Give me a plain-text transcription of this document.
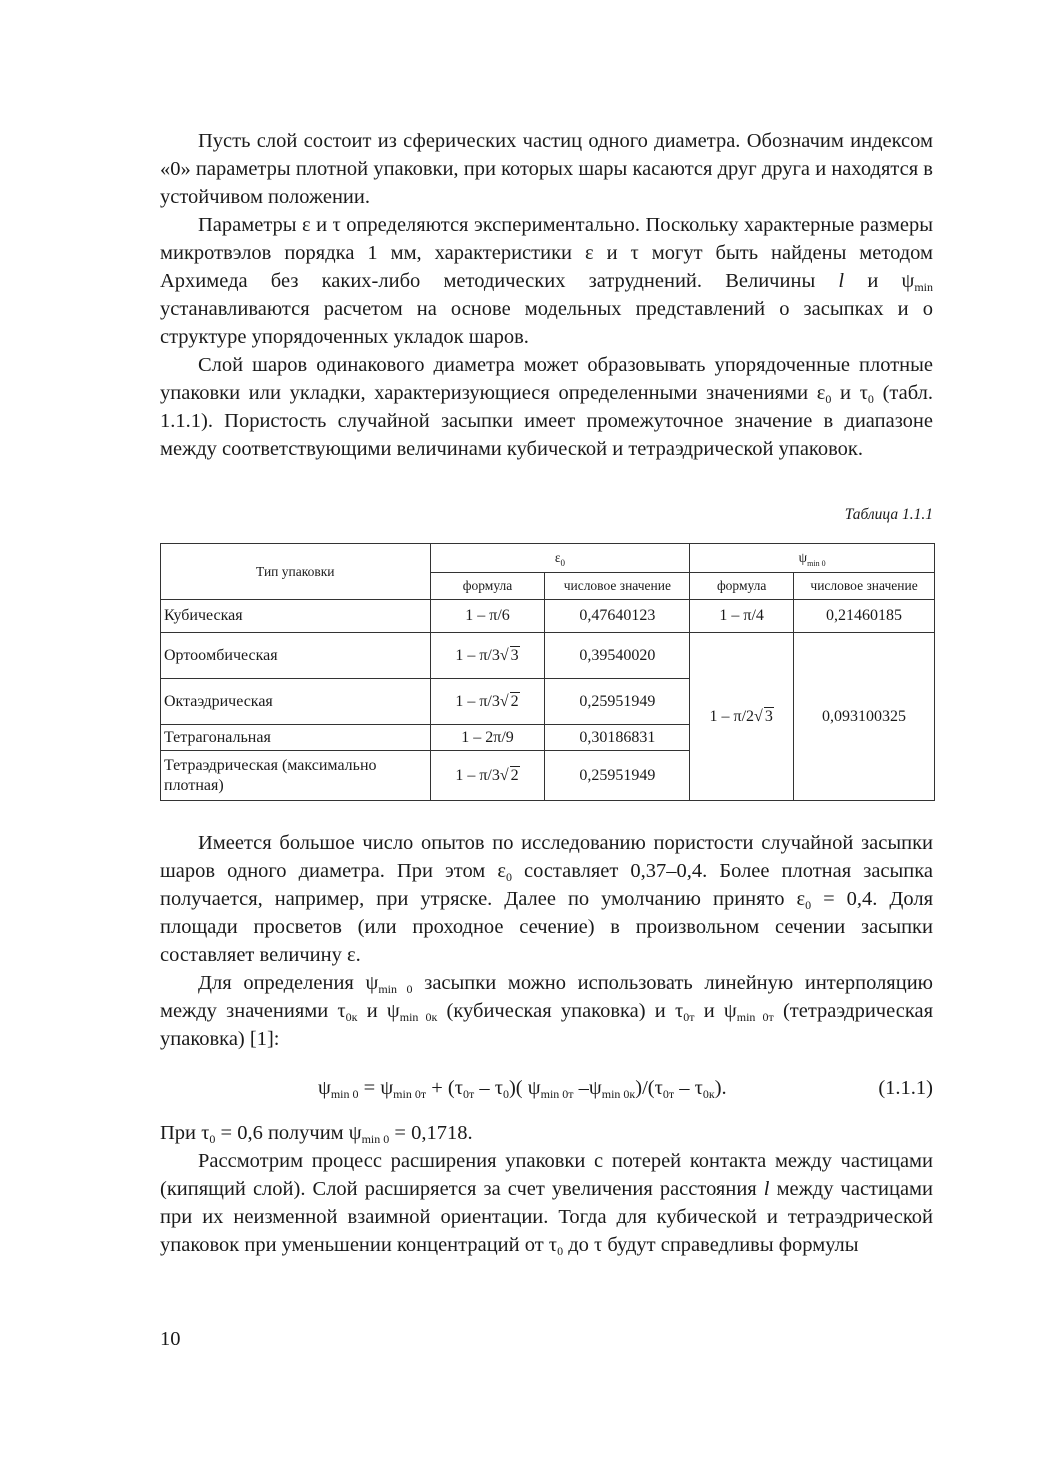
Пусть слой состоит из сферических частиц одного диаметра. Обозначим индексом «0» параметры плотной упаковки, при которых шары касаются друг друга и находятся в устойчивом положении.

Параметры ε и τ определяются экспериментально. Поскольку характерные размеры микротвэлов порядка 1 мм, характеристики ε и τ могут быть найдены методом Архимеда без каких-либо методических затруднений. Величины l и $\psi_{min}$ устанавливаются расчетом на основе модельных представлений о засыпках и о структуре упорядоченных укладок шаров.

Слой шаров одинакового диаметра может образовывать упорядоченные плотные упаковки или укладки, характеризующиеся определенными значениями $\varepsilon_0$ и $\tau_0$ (табл. 1.1.1). Пористость случайной засыпки имеет промежуточное значение в диапазоне между соответствующими величинами кубической и тетраэдрической упаковок.

Таблица 1.1.1
Тип упаковки	$\varepsilon_0$		$\psi_{min 0}$
	формула	числовое значение	формула	числовое значение
Кубическая	1 – π/6	0,47640123	1 – π/4	0,21460185
Ортоoмбическая	1 – π/3√ 3	0,39540020	1 – π/2√ 3	0,093100325
Октаэдрическая	1 – π/3√ 2	0,25951949		
Тетрагональная	1 – 2π/9	0,30186831		
Тетраэдрическая (максимально плотная)	1 – π/3√ 2	0,25951949		

Имеется большое число опытов по исследованию пористости случайной засыпки шаров одного диаметра. При этом $\varepsilon_0$ составляет 0,37–0,4. Более плотная засыпка получается, например, при утряске. Далее по умолчанию принято $\varepsilon_0 = 0,4$. Доля площади просветов (или проходное сечение) в произвольном сечении засыпки составляет величину ε.

Для определения $\psi_{min 0}$ засыпки можно использовать линейную интерполяцию между значениями $\tau_{0к}$ и $\psi_{min 0к}$ (кубическая упаковка) и $\tau_{0т}$ и $\psi_{min 0т}$ (тетраэдрическая упаковка) [1]:

$\psi_{min 0} = \psi_{min 0т} + (\tau_{0т} - \tau_0)$( $\psi_{min 0т}$ $-\psi_{min 0к})/(\tau_{0т} - \tau_{0к})$.	(1.1.1)

При $\tau_0 = 0,6$ получим $\psi_{min 0} = 0,1718$.

Рассмотрим процесс расширения упаковки с потерей контакта между частицами (кипящий слой). Слой расширяется за счет увеличения расстояния l между частицами при их неизменной взаимной ориентации. Тогда для кубической и тетраэдрической упаковок при уменьшении концентраций от $\tau_0$ до τ будут справедливы формулы

10
